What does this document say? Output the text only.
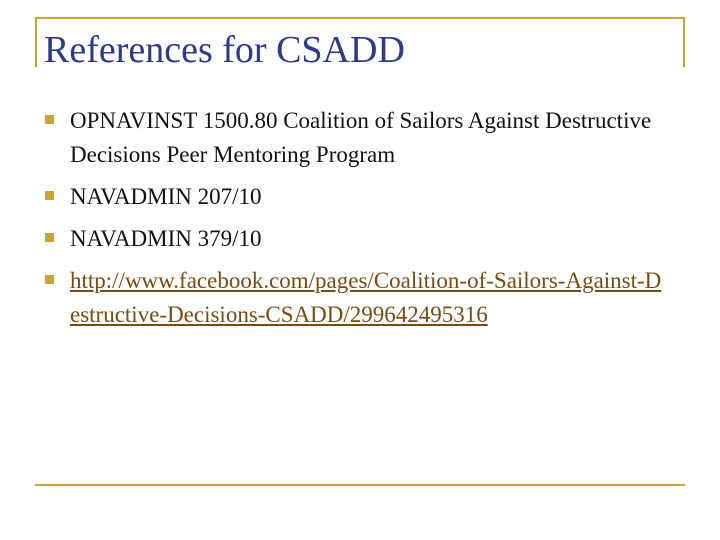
References for CSADD
OPNAVINST 1500.80 Coalition of Sailors Against Destructive Decisions Peer Mentoring Program
NAVADMIN 207/10
NAVADMIN 379/10
http://www.facebook.com/pages/Coalition-of-Sailors-Against-Destructive-Decisions-CSADD/299642495316
